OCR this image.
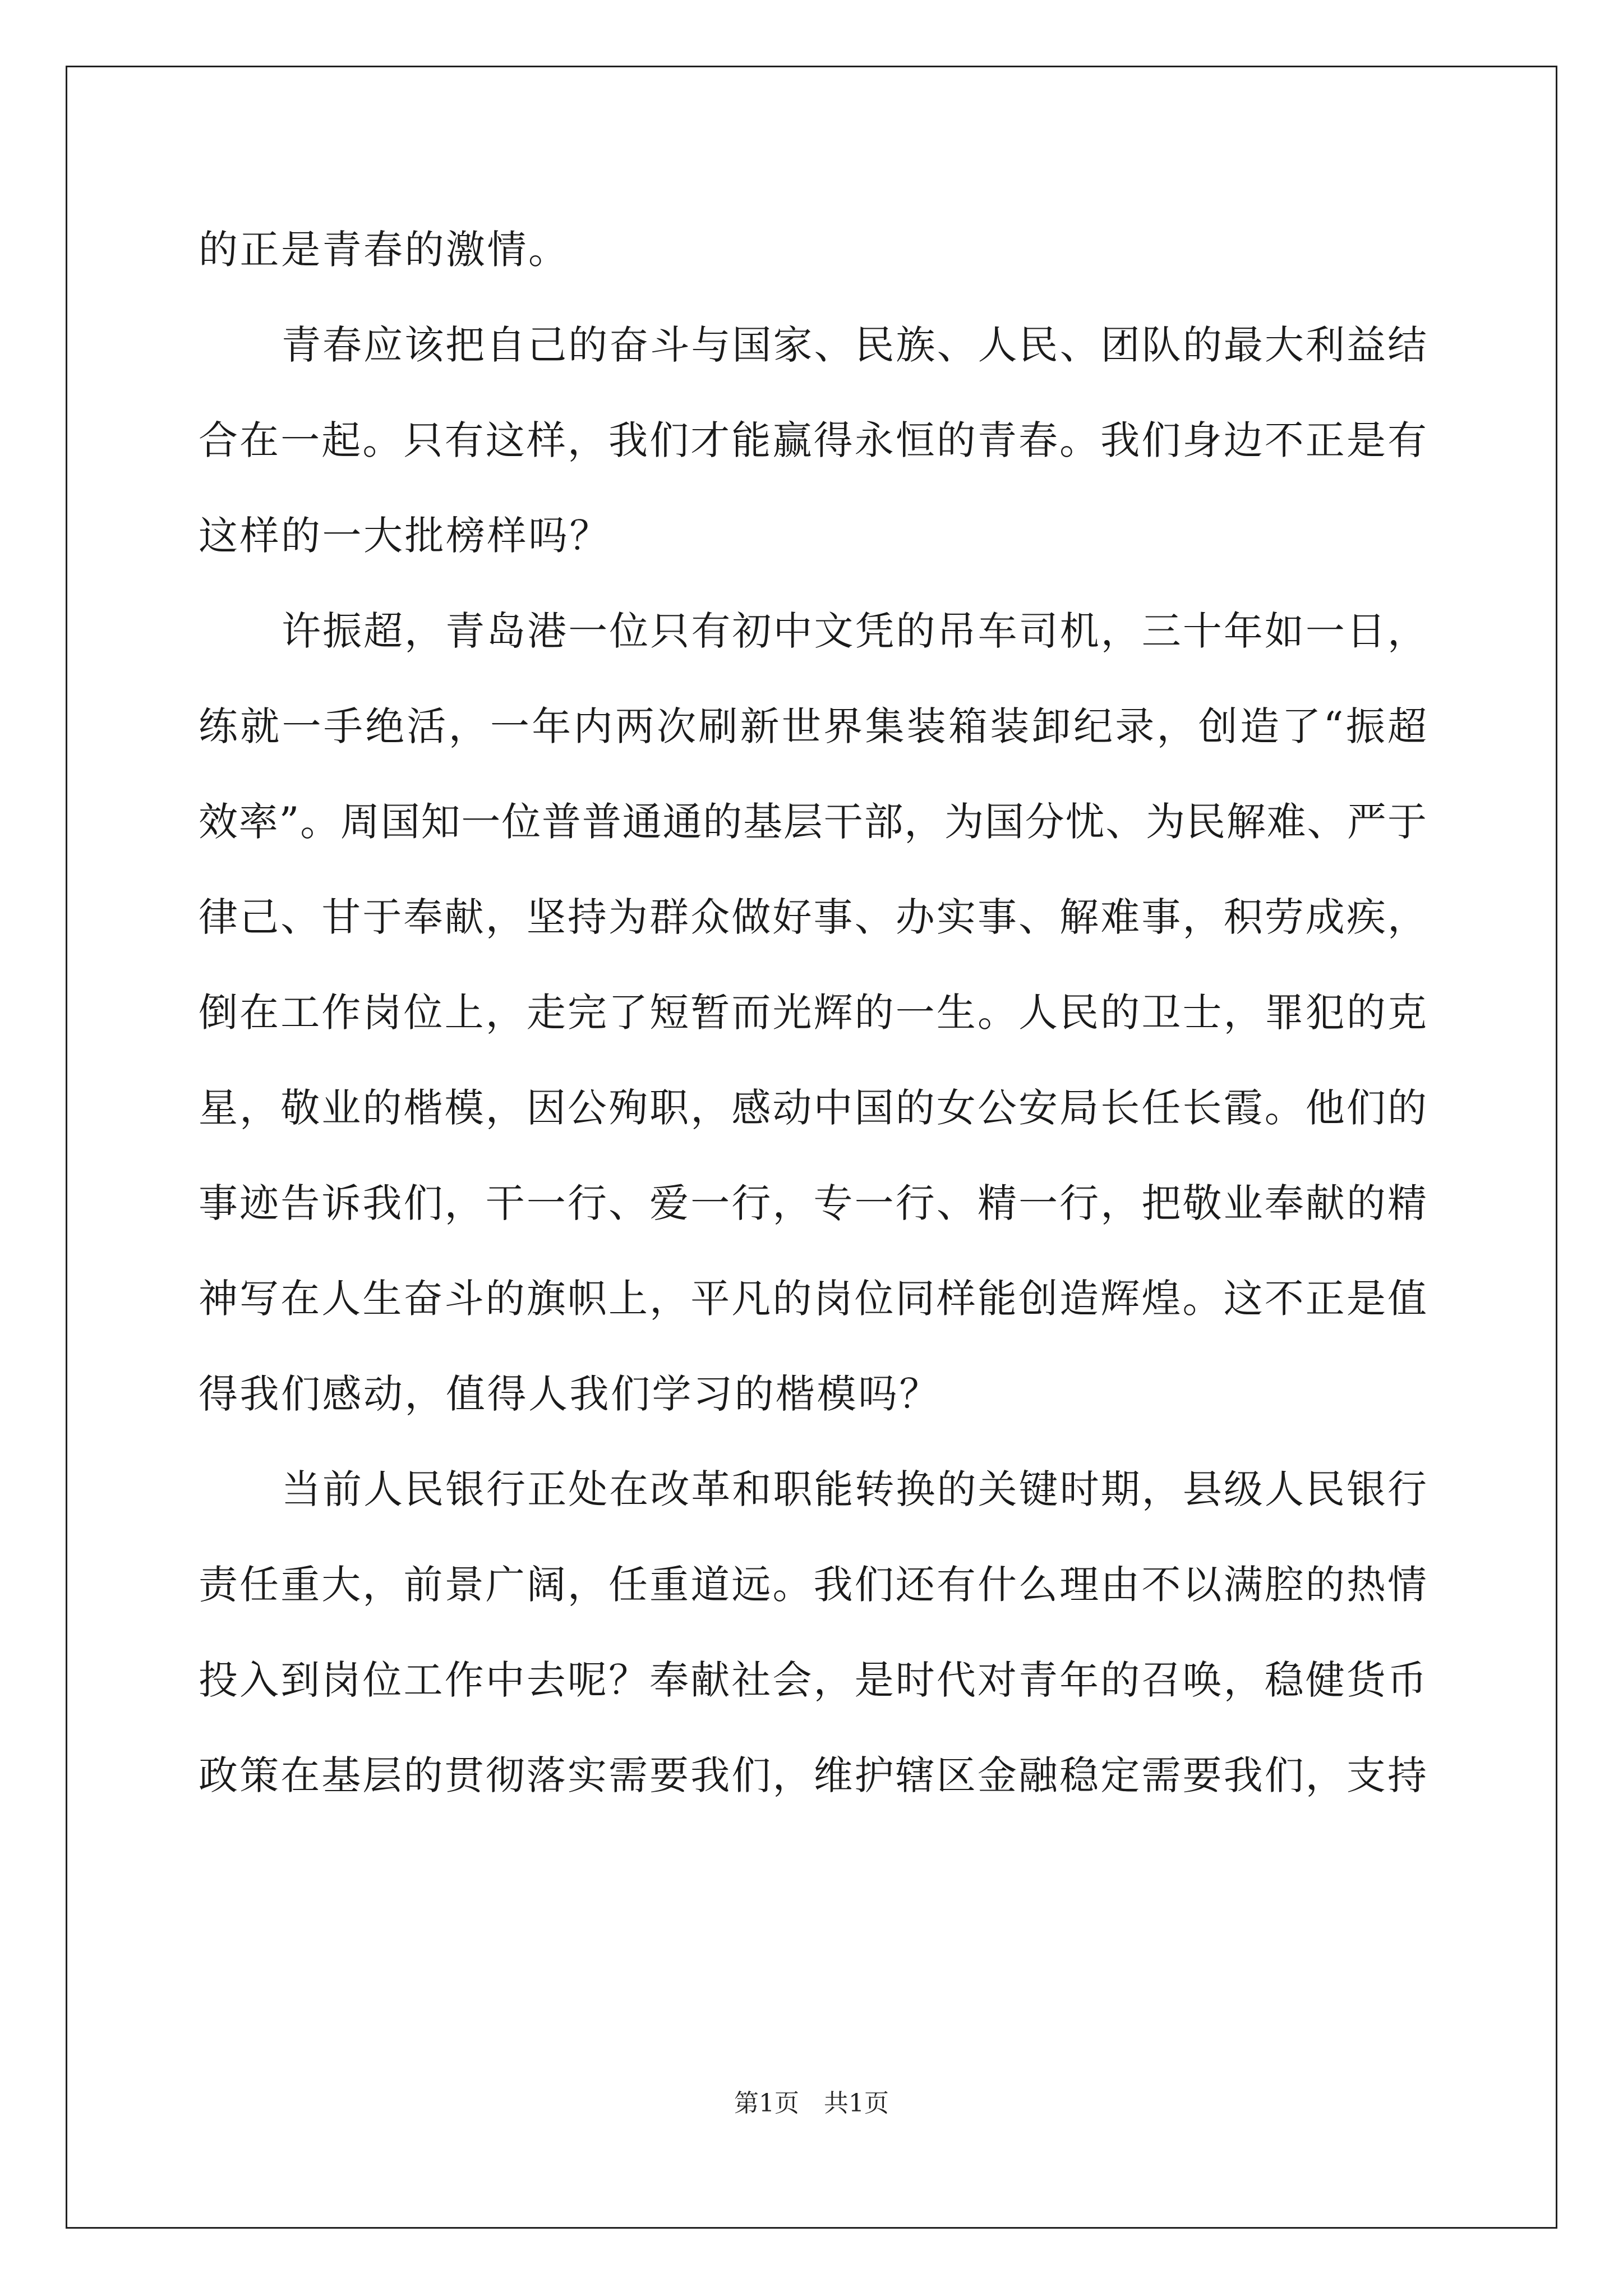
的正是青春的激情。
青春应该把自己的奋斗与国家、民族、人民、团队的最大利益结
合在一起。只有这样，我们才能赢得永恒的青春。我们身边不正是有
这样的一大批榜样吗？
许振超，青岛港一位只有初中文凭的吊车司机，三十年如一日，
练就一手绝活，一年内两次刷新世界集装箱装卸纪录，创造了“振超
效率”。周国知一位普普通通的基层干部，为国分忧、为民解难、严于
律己、甘于奉献，坚持为群众做好事、办实事、解难事，积劳成疾，
倒在工作岗位上，走完了短暂而光辉的一生。人民的卫士，罪犯的克
星，敬业的楷模，因公殉职，感动中国的女公安局长任长霞。他们的
事迹告诉我们，干一行、爱一行，专一行、精一行，把敬业奉献的精
神写在人生奋斗的旗帜上，平凡的岗位同样能创造辉煌。这不正是值
得我们感动，值得人我们学习的楷模吗？
当前人民银行正处在改革和职能转换的关键时期，县级人民银行
责任重大，前景广阔，任重道远。我们还有什么理由不以满腔的热情
投入到岗位工作中去呢？奉献社会，是时代对青年的召唤，稳健货币
政策在基层的贯彻落实需要我们，维护辖区金融稳定需要我们，支持
第1页　共1页
